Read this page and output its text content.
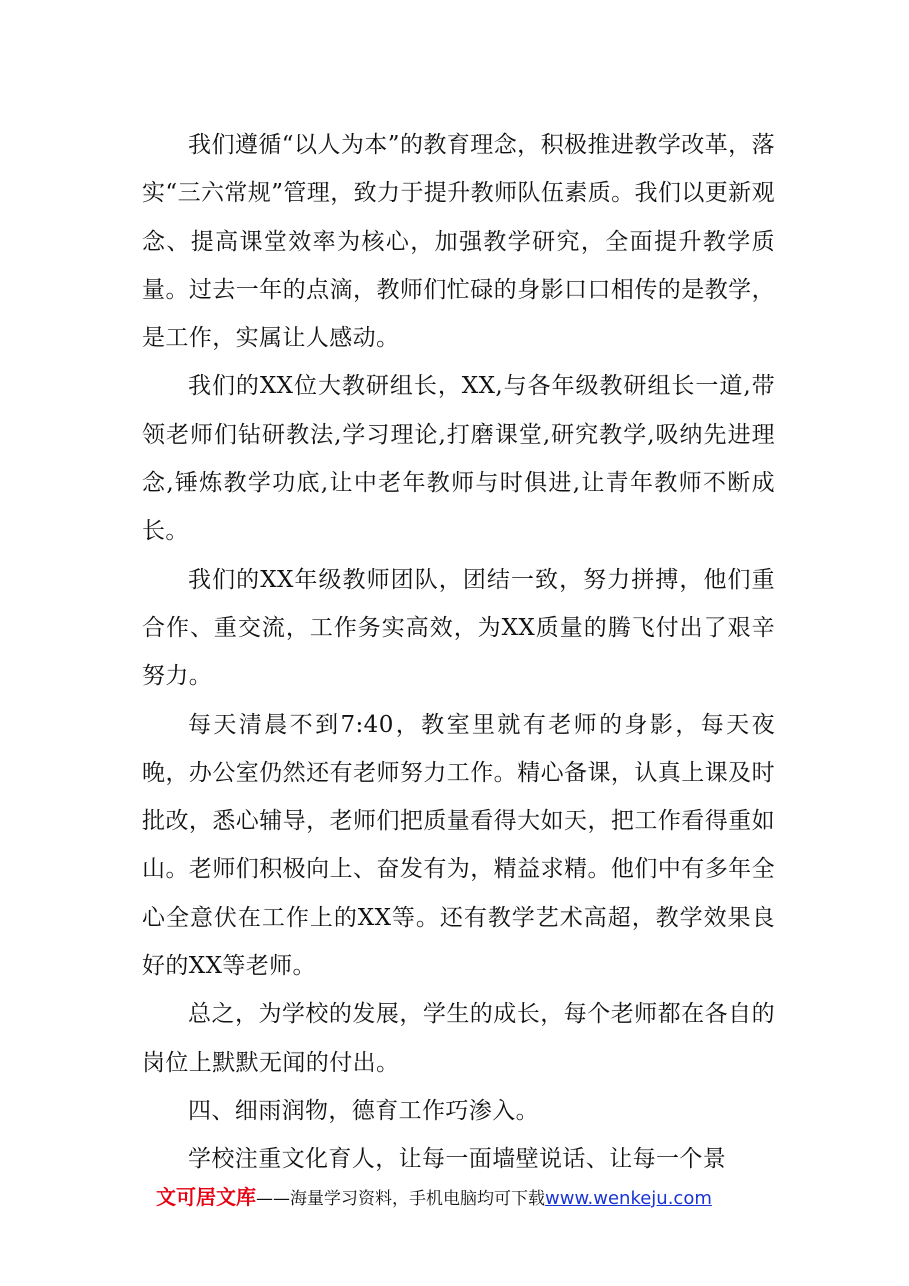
我们遵循“以人为本”的教育理念，积极推进教学改革，落实“三六常规”管理，致力于提升教师队伍素质。我们以更新观念、提高课堂效率为核心，加强教学研究，全面提升教学质量。过去一年的点滴，教师们忙碌的身影口口相传的是教学，是工作，实属让人感动。

我们的XX位大教研组长，XX,与各年级教研组长一道,带领老师们钻研教法,学习理论,打磨课堂,研究教学,吸纳先进理念,锤炼教学功底,让中老年教师与时俱进,让青年教师不断成长。

我们的XX年级教师团队，团结一致，努力拼搏，他们重合作、重交流，工作务实高效，为XX质量的腾飞付出了艰辛努力。

每天清晨不到7:40，教室里就有老师的身影，每天夜晚，办公室仍然还有老师努力工作。精心备课，认真上课及时批改，悉心辅导，老师们把质量看得大如天，把工作看得重如山。老师们积极向上、奋发有为，精益求精。他们中有多年全心全意伏在工作上的XX等。还有教学艺术高超，教学效果良好的XX等老师。

总之，为学校的发展，学生的成长，每个老师都在各自的岗位上默默无闻的付出。

四、细雨润物，德育工作巧渗入。

学校注重文化育人，让每一面墙壁说话、让每一个景

文可居文库 ——海量学习资料，手机电脑均可下载 www.wenkeju.com
